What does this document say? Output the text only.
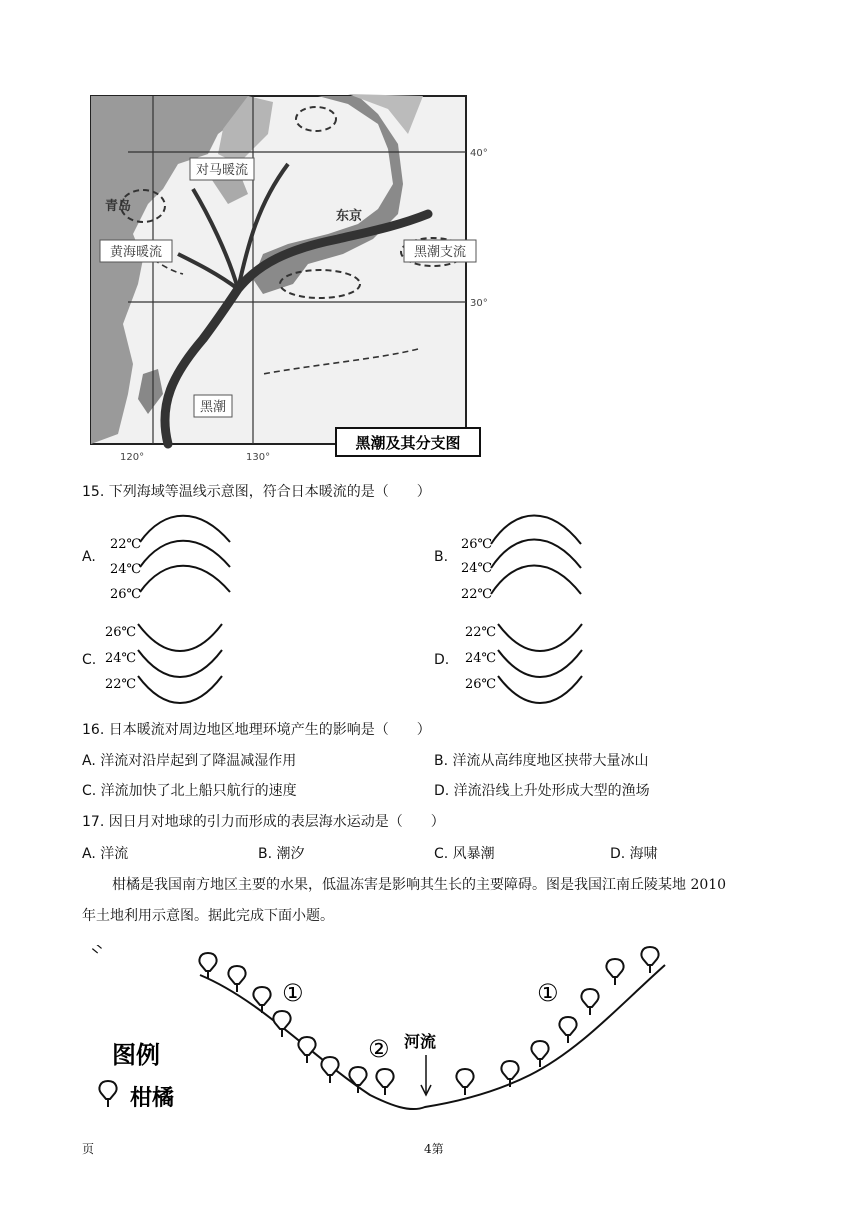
对马暖流
青岛
黄海暖流
东京
黑潮支流
黑潮
黑潮及其分支图
40°
30°
120°	130°
15. 下列海域等温线示意图，符合日本暖流的是（　　）
A.
22℃
24℃
26℃
B.
26℃
24℃
22℃
C.
26℃
24℃
22℃
D.
22℃
24℃
26℃
16. 日本暖流对周边地区地理环境产生的影响是（　　）
A. 洋流对沿岸起到了降温减湿作用	B. 洋流从高纬度地区挟带大量冰山
C. 洋流加快了北上船只航行的速度	D. 洋流沿线上升处形成大型的渔场
17. 因日月对地球的引力而形成的表层海水运动是（　　）
A. 洋流	B. 潮汐	C. 风暴潮	D. 海啸
柑橘是我国南方地区主要的水果，低温冻害是影响其生长的主要障碍。图是我国江南丘陵某地 2010
年土地利用示意图。据此完成下面小题。
①	①
② 河流
图例
柑橘
页	4第
